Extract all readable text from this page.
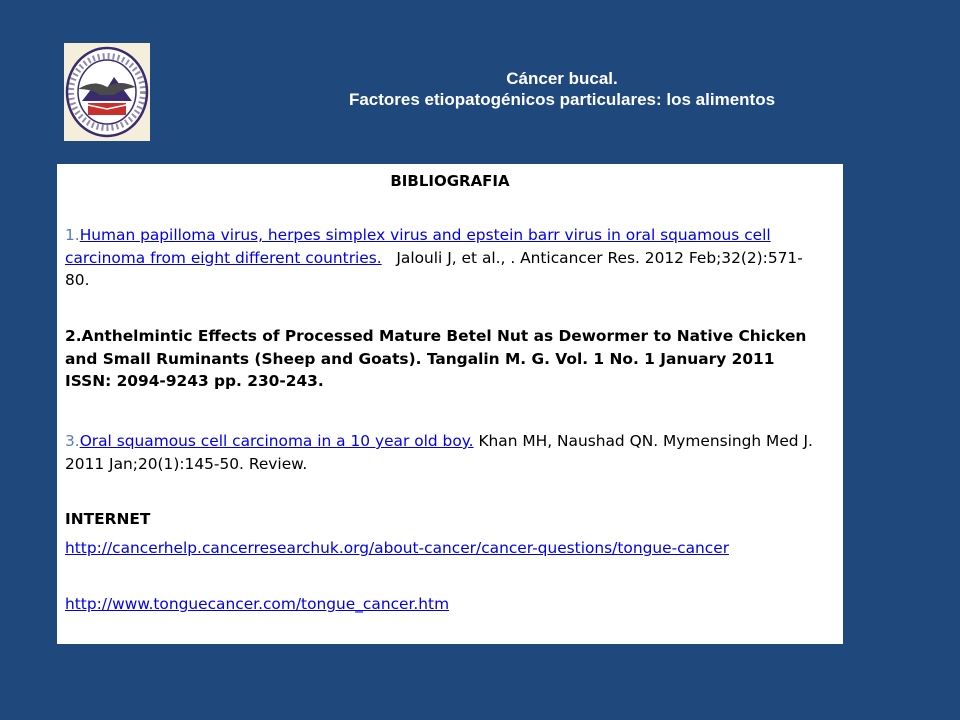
Cáncer bucal.
Factores etiopatogénicos particulares: los alimentos
BIBLIOGRAFIA
1.Human papilloma virus, herpes simplex virus and epstein barr virus in oral squamous cell carcinoma from eight different countries.   Jalouli J, et al., . Anticancer Res. 2012 Feb;32(2):571-80.
2.Anthelmintic Effects of Processed Mature Betel Nut as Dewormer to Native Chicken and Small Ruminants (Sheep and Goats). Tangalin M. G. Vol. 1 No. 1 January 2011 ISSN: 2094-9243 pp. 230-243.
3.Oral squamous cell carcinoma in a 10 year old boy. Khan MH, Naushad QN. Mymensingh Med J. 2011 Jan;20(1):145-50. Review.
INTERNET
http://cancerhelp.cancerresearchuk.org/about-cancer/cancer-questions/tongue-cancer
http://www.tonguecancer.com/tongue_cancer.htm
